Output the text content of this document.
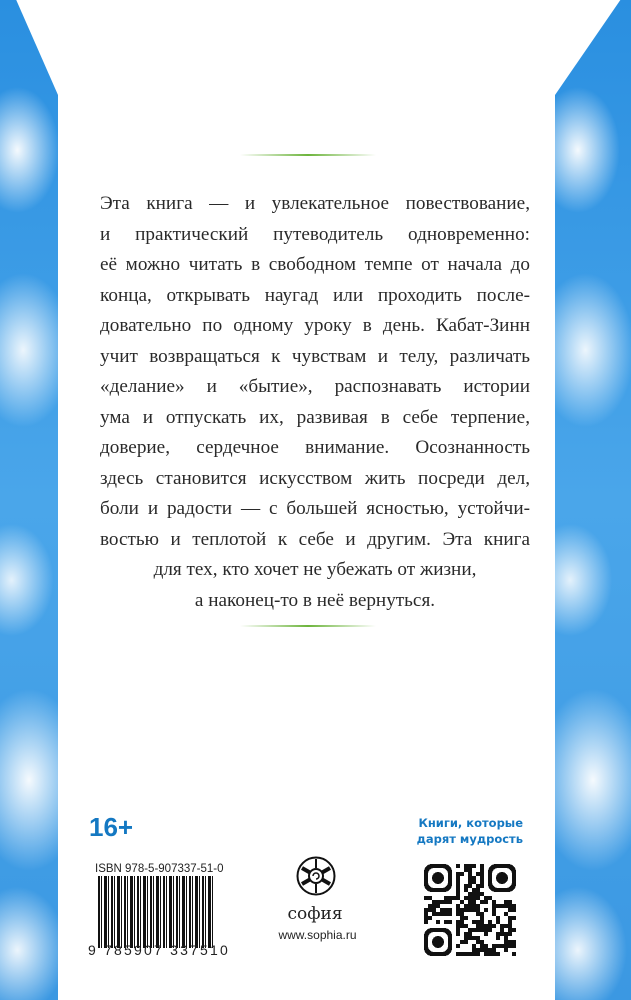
Эта книга — и увлекательное повествование,
и практический путеводитель одновременно:
её можно читать в свободном темпе от начала до
конца, открывать наугад или проходить после-
довательно по одному уроку в день. Кабат-Зинн
учит возвращаться к чувствам и телу, различать
«делание» и «бытие», распознавать истории
ума и отпускать их, развивая в себе терпение,
доверие, сердечное внимание. Осознанность
здесь становится искусством жить посреди дел,
боли и радости — с большей ясностью, устойчи-
востью и теплотой к себе и другим. Эта книга
для тех, кто хочет не убежать от жизни,
а наконец-то в неё вернуться.
16+	Книги, которые
дарят мудрость
ISBN 978-5-907337-51-0
9 785907 337510
софия
www.sophia.ru
